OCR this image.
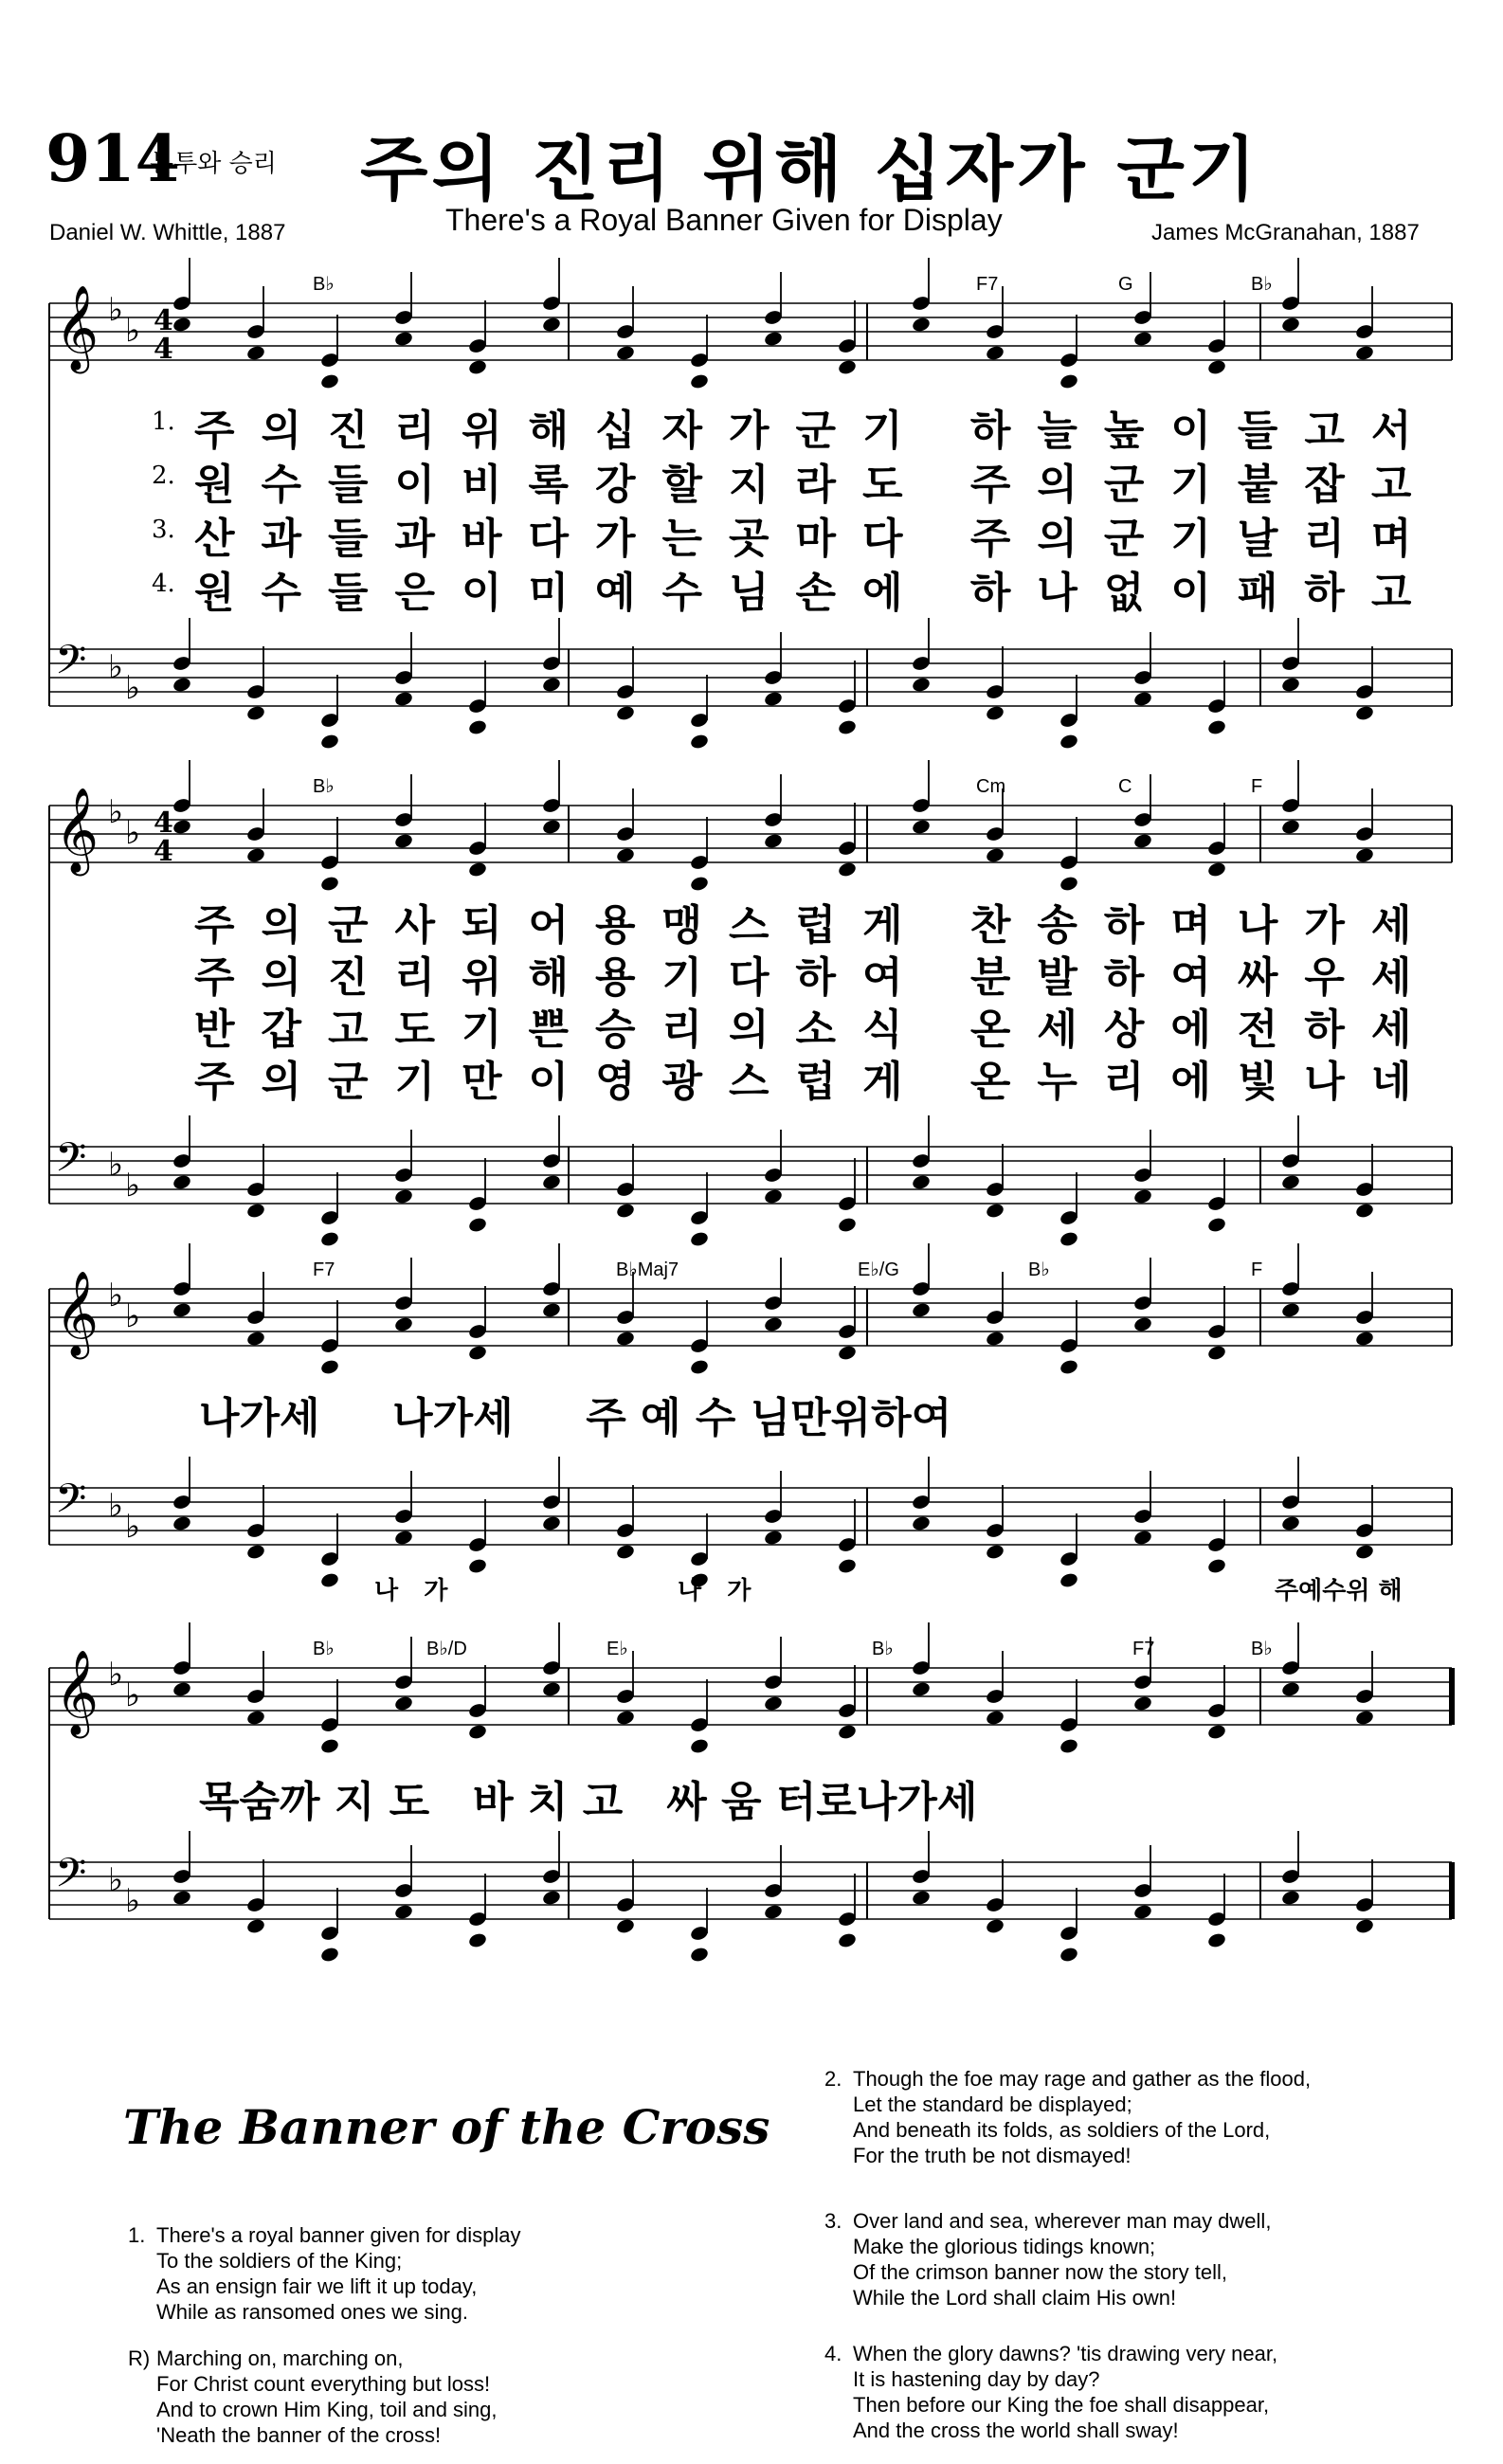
914
분투와 승리 주의 진리 위해 십자가 군기
There's a Royal Banner Given for Display
Daniel W. Whittle, 1887	James McGranahan, 1887
𝄞 ♭
♭
𝄢 ♭
♭
B♭	F7	G	B♭
4
4
𝄞 ♭
♭
𝄢 ♭
♭
B♭	Cm	C	F
4
4
𝄞 ♭
♭
𝄢 ♭
♭
F7	B♭Maj7	E♭/G	B♭	F
𝄞 ♭
♭
𝄢 ♭
♭
B♭	B♭/D	E♭	B♭	F7	B♭
1. 주의진리위해십자가군기 하늘높이들고서
2. 원수들이비록강할지라도 주의군기붙잡고
3. 산과들과바다가는곳마다 주의군기날리며
4. 원수들은이미예수님손에 하나없이패하고
주의군사되어용맹스럽게 찬송하며나가세
주의진리위해용기다하여 분발하여싸우세
반갑고도기쁜승리의소식 온세상에전하세
주의군기만이영광스럽게 온누리에빛나네
나가세     나가세     주 예 수 님만위하여
나   가	나   가	주예수위 해
목숨까 지 도   바 치 고   싸 움 터로나가세
The Banner of the Cross
1. There's a royal banner given for display
To the soldiers of the King;
As an ensign fair we lift it up today,
While as ransomed ones we sing.
R) Marching on, marching on,
For Christ count everything but loss!
And to crown Him King, toil and sing,
'Neath the banner of the cross!
2. Though the foe may rage and gather as the flood,
Let the standard be displayed;
And beneath its folds, as soldiers of the Lord,
For the truth be not dismayed!
3. Over land and sea, wherever man may dwell,
Make the glorious tidings known;
Of the crimson banner now the story tell,
While the Lord shall claim His own!
4. When the glory dawns? 'tis drawing very near,
It is hastening day by day?
Then before our King the foe shall disappear,
And the cross the world shall sway!
